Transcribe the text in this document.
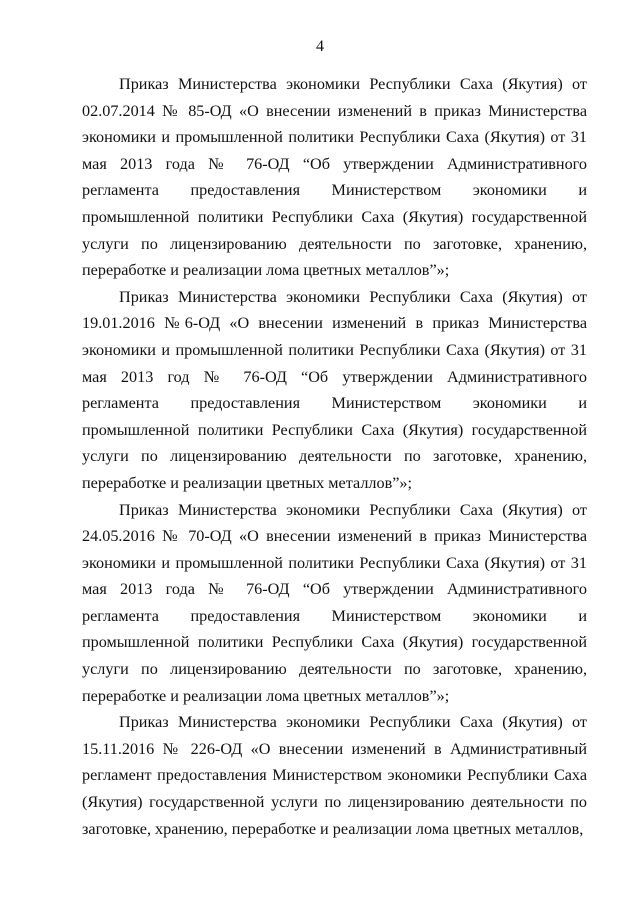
4

Приказ Министерства экономики Республики Саха (Якутия) от 02.07.2014 № 85-ОД «О внесении изменений в приказ Министерства экономики и промышленной политики Республики Саха (Якутия) от 31 мая 2013 года № 76-ОД “Об утверждении Административного регламента предоставления Министерством экономики и промышленной политики Республики Саха (Якутия) государственной услуги по лицензированию деятельности по заготовке, хранению, переработке и реализации лома цветных металлов”»;

Приказ Министерства экономики Республики Саха (Якутия) от 19.01.2016 №6-ОД «О внесении изменений в приказ Министерства экономики и промышленной политики Республики Саха (Якутия) от 31 мая 2013 год № 76-ОД “Об утверждении Административного регламента предоставления Министерством экономики и промышленной политики Республики Саха (Якутия) государственной услуги по лицензированию деятельности по заготовке, хранению, переработке и реализации цветных металлов”»;

Приказ Министерства экономики Республики Саха (Якутия) от 24.05.2016 № 70-ОД «О внесении изменений в приказ Министерства экономики и промышленной политики Республики Саха (Якутия) от 31 мая 2013 года № 76-ОД “Об утверждении Административного регламента предоставления Министерством экономики и промышленной политики Республики Саха (Якутия) государственной услуги по лицензированию деятельности по заготовке, хранению, переработке и реализации лома цветных металлов”»;

Приказ Министерства экономики Республики Саха (Якутия) от 15.11.2016 № 226-ОД «О внесении изменений в Административный регламент предоставления Министерством экономики Республики Саха (Якутия) государственной услуги по лицензированию деятельности по заготовке, хранению, переработке и реализации лома цветных металлов,
